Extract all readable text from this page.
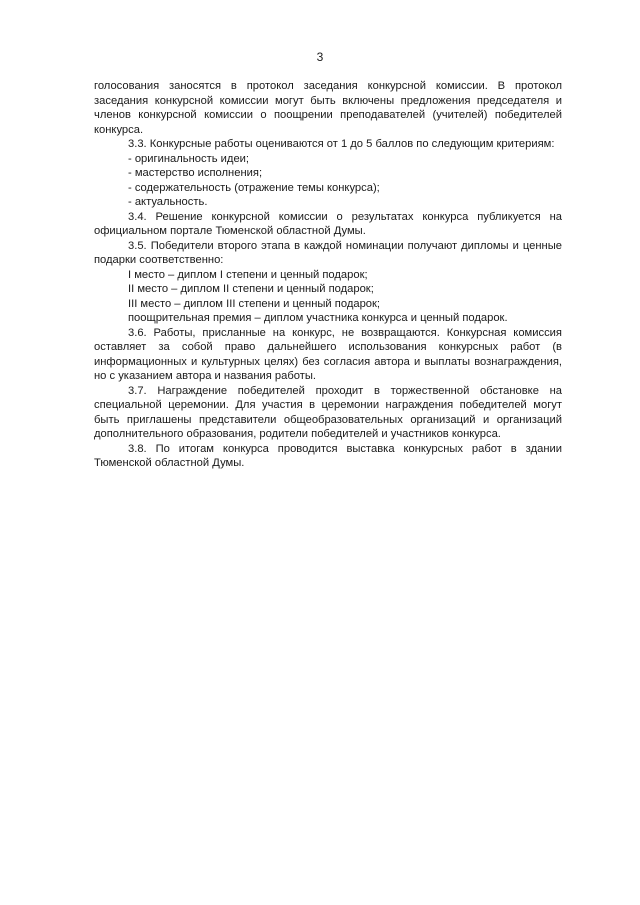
3

голосования заносятся в протокол заседания конкурсной комиссии. В протокол заседания конкурсной комиссии могут быть включены предложения председателя и членов конкурсной комиссии о поощрении преподавателей (учителей) победителей конкурса.

3.3. Конкурсные работы оцениваются от 1 до 5 баллов по следующим критериям:

- оригинальность идеи;

- мастерство исполнения;

- содержательность (отражение темы конкурса);

- актуальность.

3.4. Решение конкурсной комиссии о результатах конкурса публикуется на официальном портале Тюменской областной Думы.

3.5. Победители второго этапа в каждой номинации получают дипломы и ценные подарки соответственно:

I место – диплом I степени и ценный подарок;

II место – диплом II степени и ценный подарок;

III место – диплом III степени и ценный подарок;

поощрительная премия – диплом участника конкурса и ценный подарок.

3.6. Работы, присланные на конкурс, не возвращаются. Конкурсная комиссия оставляет за собой право дальнейшего использования конкурсных работ (в информационных и культурных целях) без согласия автора и выплаты вознаграждения, но с указанием автора и названия работы.

3.7. Награждение победителей проходит в торжественной обстановке на специальной церемонии. Для участия в церемонии награждения победителей могут быть приглашены представители общеобразовательных организаций и организаций дополнительного образования, родители победителей и участников конкурса.

3.8. По итогам конкурса проводится выставка конкурсных работ в здании Тюменской областной Думы.
